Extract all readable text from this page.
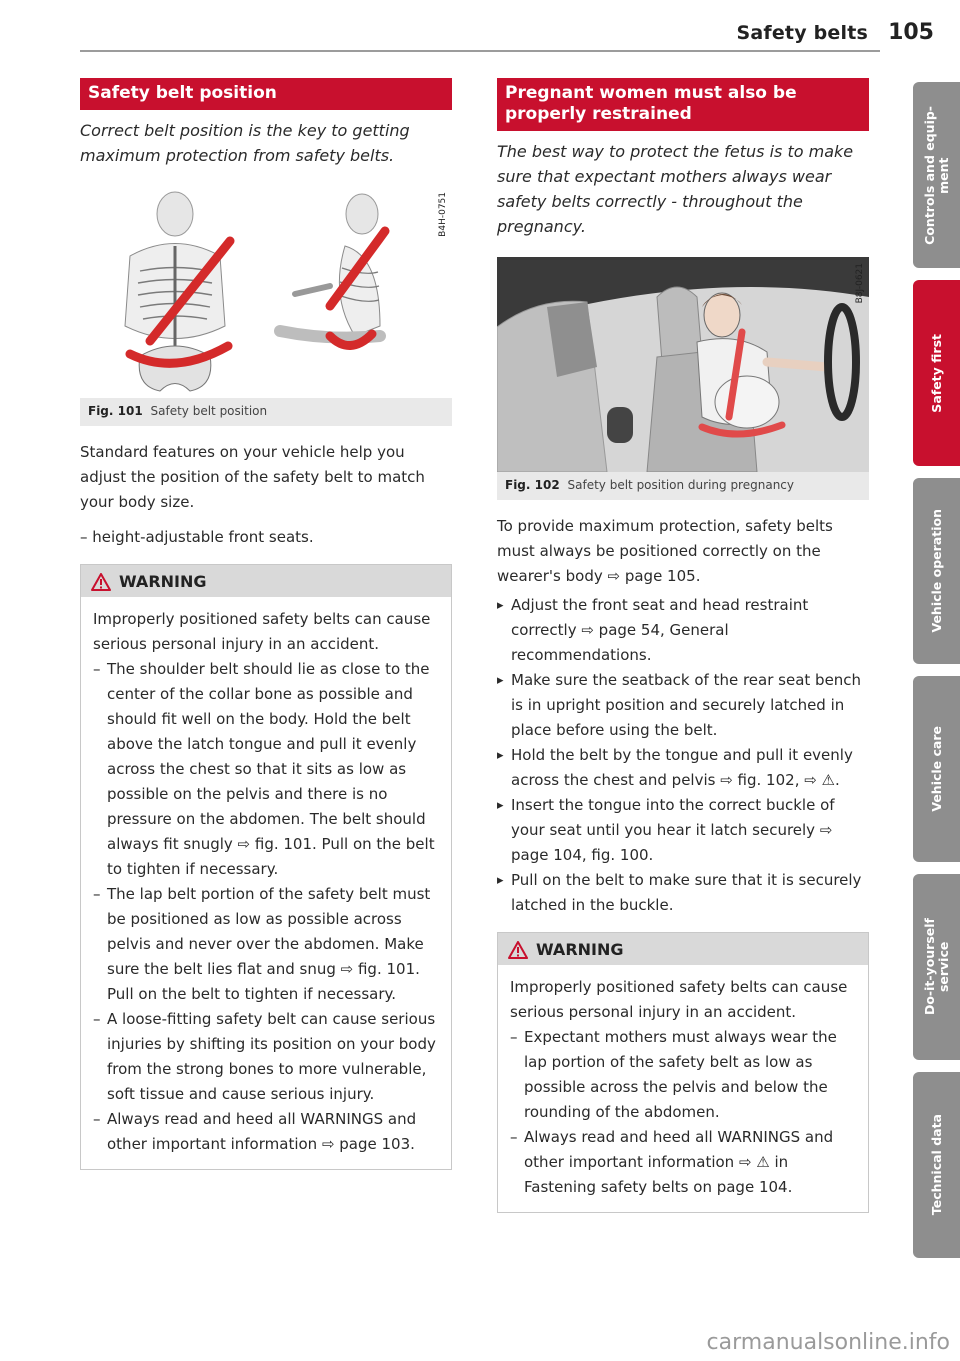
Safety belts 105
Safety belt position

Correct belt position is the key to getting maximum protection from safety belts.

B4H-0751
Fig. 101 Safety belt position

Standard features on your vehicle help you adjust the position of the safety belt to match your body size.

– height-adjustable front seats.

WARNING

Improperly positioned safety belts can cause serious personal injury in an accident.

– The shoulder belt should lie as close to the center of the collar bone as possible and should fit well on the body. Hold the belt above the latch tongue and pull it evenly across the chest so that it sits as low as possible on the pelvis and there is no pressure on the abdomen. The belt should always fit snugly ⇨ fig. 101. Pull on the belt to tighten if necessary.
– The lap belt portion of the safety belt must be positioned as low as possible across pelvis and never over the abdomen. Make sure the belt lies flat and snug ⇨ fig. 101. Pull on the belt to tighten if necessary.
– A loose-fitting safety belt can cause serious injuries by shifting its position on your body from the strong bones to more vulnerable, soft tissue and cause serious injury.
– Always read and heed all WARNINGS and other important information ⇨ page 103.
Pregnant women must also be properly restrained

The best way to protect the fetus is to make sure that expectant mothers always wear safety belts correctly - throughout the pregnancy.

B8J-0621
Fig. 102 Safety belt position during pregnancy

To provide maximum protection, safety belts must always be positioned correctly on the wearer's body ⇨ page 105.

▸ Adjust the front seat and head restraint correctly ⇨ page 54, General recommendations.
▸ Make sure the seatback of the rear seat bench is in upright position and securely latched in place before using the belt.
▸ Hold the belt by the tongue and pull it evenly across the chest and pelvis ⇨ fig. 102, ⇨ ⚠.
▸ Insert the tongue into the correct buckle of your seat until you hear it latch securely ⇨ page 104, fig. 100.
▸ Pull on the belt to make sure that it is securely latched in the buckle.
WARNING

Improperly positioned safety belts can cause serious personal injury in an accident.

– Expectant mothers must always wear the lap portion of the safety belt as low as possible across the pelvis and below the rounding of the abdomen.
– Always read and heed all WARNINGS and other important information ⇨ ⚠ in Fastening safety belts on page 104.
Controls and equip-
ment
Safety first
Vehicle operation
Vehicle care
Do-it-yourself
service
Technical data
carmanualsonline.info
